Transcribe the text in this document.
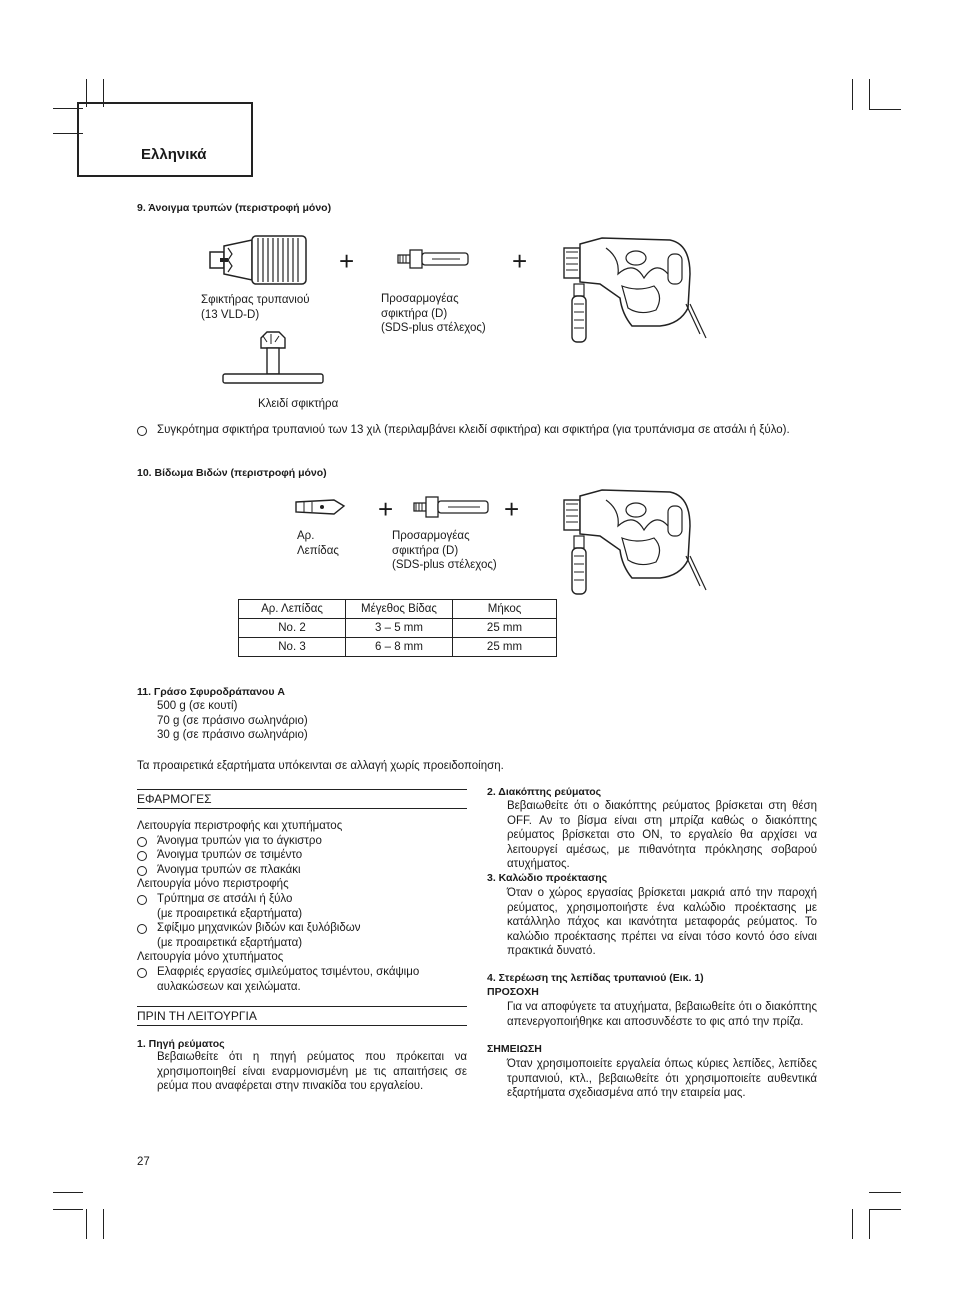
Ελληνικά
9. Άνοιγμα τρυπών (περιστροφή μόνο)
Σφικτήρας τρυπανιού
(13 VLD-D)
+
Προσαρμογέας
σφικτήρα (D)
(SDS-plus στέλεχος)
+
Κλειδί σφικτήρα
Συγκρότημα σφικτήρα τρυπανιού των 13 χιλ (περιλαμβάνει κλειδί σφικτήρα) και σφικτήρα (για τρυπάνισμα σε ατσάλι ή ξύλο).
10. Βίδωμα Βιδών (περιστροφή μόνο)
Αρ.
Λεπίδας
+
Προσαρμογέας
σφικτήρα (D)
(SDS-plus στέλεχος)
+
Αρ. Λεπίδας	Μέγεθος Βίδας	Μήκος
No. 2	3 – 5 mm	25 mm
No. 3	6 – 8 mm	25 mm
11. Γράσο Σφυροδράπανου A
500 g (σε κουτί)
70 g (σε πράσινο σωληνάριο)
30 g (σε πράσινο σωληνάριο)
Τα προαιρετικά εξαρτήματα υπόκεινται σε αλλαγή χωρίς προειδοποίηση.
ΕΦΑΡΜΟΓΕΣ
Λειτουργία περιστροφής και χτυπήματος
Άνοιγμα τρυπών για το άγκιστρο
Άνοιγμα τρυπών σε τσιμέντο
Άνοιγμα τρυπών σε πλακάκι
Λειτουργία μόνο περιστροφής
Τρύπημα σε ατσάλι ή ξύλο
(με προαιρετικά εξαρτήματα)
Σφίξιμο μηχανικών βιδών και ξυλόβιδων
(με προαιρετικά εξαρτήματα)
Λειτουργία μόνο χτυπήματος
Ελαφριές εργασίες σμιλεύματος τσιμέντου, σκάψιμο
αυλακώσεων και χειλώματα.
ΠΡΙΝ ΤΗ ΛΕΙΤΟΥΡΓΙΑ
1. Πηγή ρεύματος
Βεβαιωθείτε ότι η πηγή ρεύματος που πρόκειται να χρησιμοποιηθεί είναι εναρμονισμένη με τις απαιτήσεις σε ρεύμα που αναφέρεται στην πινακίδα του εργαλείου.
2. Διακόπτης ρεύματος
Βεβαιωθείτε ότι ο διακόπτης ρεύματος βρίσκεται στη θέση OFF. Αν το βίσμα είναι στη μπρίζα καθώς ο διακόπτης ρεύματος βρίσκεται στο ON, το εργαλείο θα αρχίσει να λειτουργεί αμέσως, με πιθανότητα πρόκλησης σοβαρού ατυχήματος.
3. Καλώδιο προέκτασης
Όταν ο χώρος εργασίας βρίσκεται μακριά από την παροχή ρεύματος, χρησιμοποιήστε ένα καλώδιο προέκτασης με κατάλληλο πάχος και ικανότητα μεταφοράς ρεύματος. Το καλώδιο προέκτασης πρέπει να είναι τόσο κοντό όσο είναι πρακτικά δυνατό.
4. Στερέωση της λεπίδας τρυπανιού (Εικ. 1)
ΠΡΟΣΟΧΗ
Για να αποφύγετε τα ατυχήματα, βεβαιωθείτε ότι ο διακόπτης απενεργοποιήθηκε και αποσυνδέστε το φις από την πρίζα.
ΣΗΜΕΙΩΣΗ
Όταν χρησιμοποιείτε εργαλεία όπως κύριες λεπίδες, λεπίδες τρυπανιού, κτλ., βεβαιωθείτε ότι χρησιμοποιείτε αυθεντικά εξαρτήματα σχεδιασμένα από την εταιρεία μας.
27
